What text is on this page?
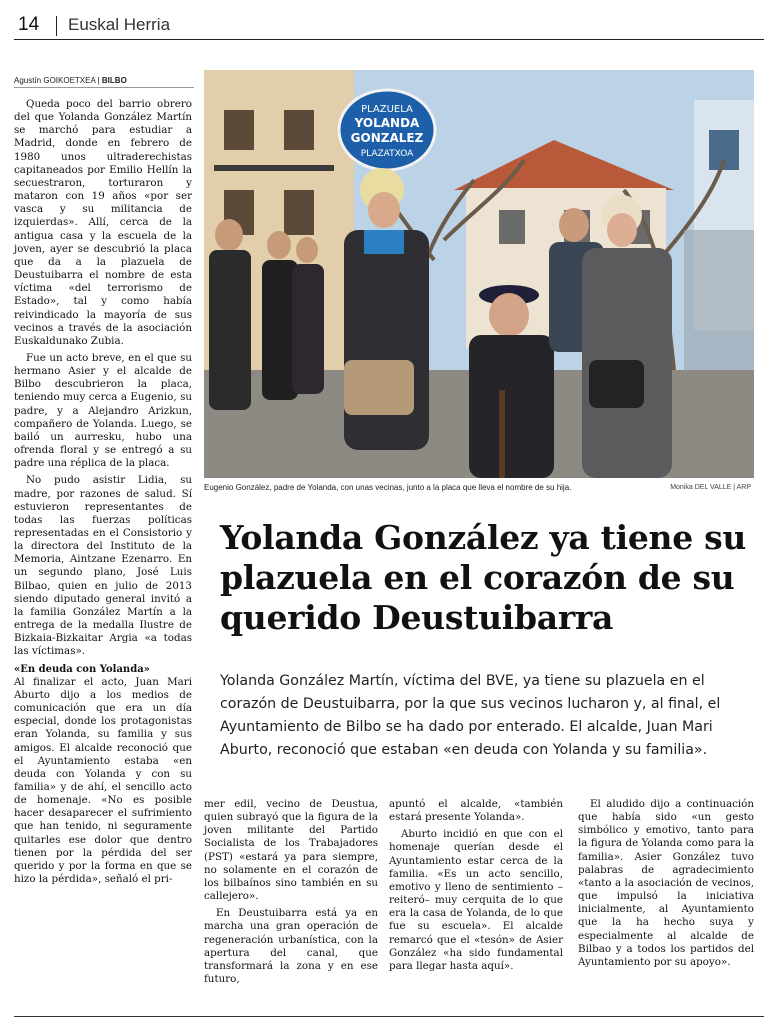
14 Euskal Herria
Agustín GOIKOETXEA | BILBO

Queda poco del barrio obrero del que Yolanda González Martín se marchó para estudiar a Madrid, donde en febrero de 1980 unos ultraderechistas capitaneados por Emilio Hellín la secuestraron, torturaron y mataron con 19 años «por ser vasca y su militancia de izquierdas». Allí, cerca de la antigua casa y la escuela de la joven, ayer se descubrió la placa que da a la plazuela de Deustuibarra el nombre de esta víctima «del terrorismo de Estado», tal y como había reivindicado la mayoría de sus vecinos a través de la asociación Euskaldunako Zubia.

Fue un acto breve, en el que su hermano Asier y el alcalde de Bilbo descubrieron la placa, teniendo muy cerca a Eugenio, su padre, y a Alejandro Arizkun, compañero de Yolanda. Luego, se bailó un aurresku, hubo una ofrenda floral y se entregó a su padre una réplica de la placa.

No pudo asistir Lidia, su madre, por razones de salud. Sí estuvieron representantes de todas las fuerzas políticas representadas en el Consistorio y la directora del Instituto de la Memoria, Aintzane Ezenarro. En un segundo plano, José Luis Bilbao, quien en julio de 2013 siendo diputado general invitó a la familia González Martín a la entrega de la medalla Ilustre de Bizkaia-Bizkaitar Argia «a todas las víctimas».

«En deuda con Yolanda»

Al finalizar el acto, Juan Mari Aburto dijo a los medios de comunicación que era un día especial, donde los protagonistas eran Yolanda, su familia y sus amigos. El alcalde reconoció que el Ayuntamiento estaba «en deuda con Yolanda y con su familia» y de ahí, el sencillo acto de homenaje. «No es posible hacer desaparecer el sufrimiento que han tenido, ni seguramente quitarles ese dolor que dentro tienen por la pérdida del ser querido y por la forma en que se hizo la pérdida», señaló el pri-

PLAZUELA
YOLANDA
GONZALEZ
PLAZATXOA
Eugenio González, padre de Yolanda, con unas vecinas, junto a la placa que lleva el nombre de su hija.	Monika DEL VALLE | ARP
Yolanda González ya tiene su plazuela en el corazón de su querido Deustuibarra

Yolanda González Martín, víctima del BVE, ya tiene su plazuela en el corazón de Deustuibarra, por la que sus vecinos lucharon y, al final, el Ayuntamiento de Bilbo se ha dado por enterado. El alcalde, Juan Mari Aburto, reconoció que estaban «en deuda con Yolanda y su familia».

mer edil, vecino de Deustua, quien subrayó que la figura de la joven militante del Partido Socialista de los Trabajadores (PST) «estará ya para siempre, no solamente en el corazón de los bilbaínos sino también en su callejero».

En Deustuibarra está ya en marcha una gran operación de regeneración urbanística, con la apertura del canal, que transformará la zona y en ese futuro,

apuntó el alcalde, «también estará presente Yolanda».

Aburto incidió en que con el homenaje querían desde el Ayuntamiento estar cerca de la familia. «Es un acto sencillo, emotivo y lleno de sentimiento –reiteró– muy cerquita de lo que era la casa de Yolanda, de lo que fue su escuela». El alcalde remarcó que el «tesón» de Asier González «ha sido fundamental para llegar hasta aquí».

El aludido dijo a continuación que había sido «un gesto simbólico y emotivo, tanto para la figura de Yolanda como para la familia». Asier González tuvo palabras de agradecimiento «tanto a la asociación de vecinos, que impulsó la iniciativa inicialmente, al Ayuntamiento que la ha hecho suya y especialmente al alcalde de Bilbao y a todos los partidos del Ayuntamiento por su apoyo».
